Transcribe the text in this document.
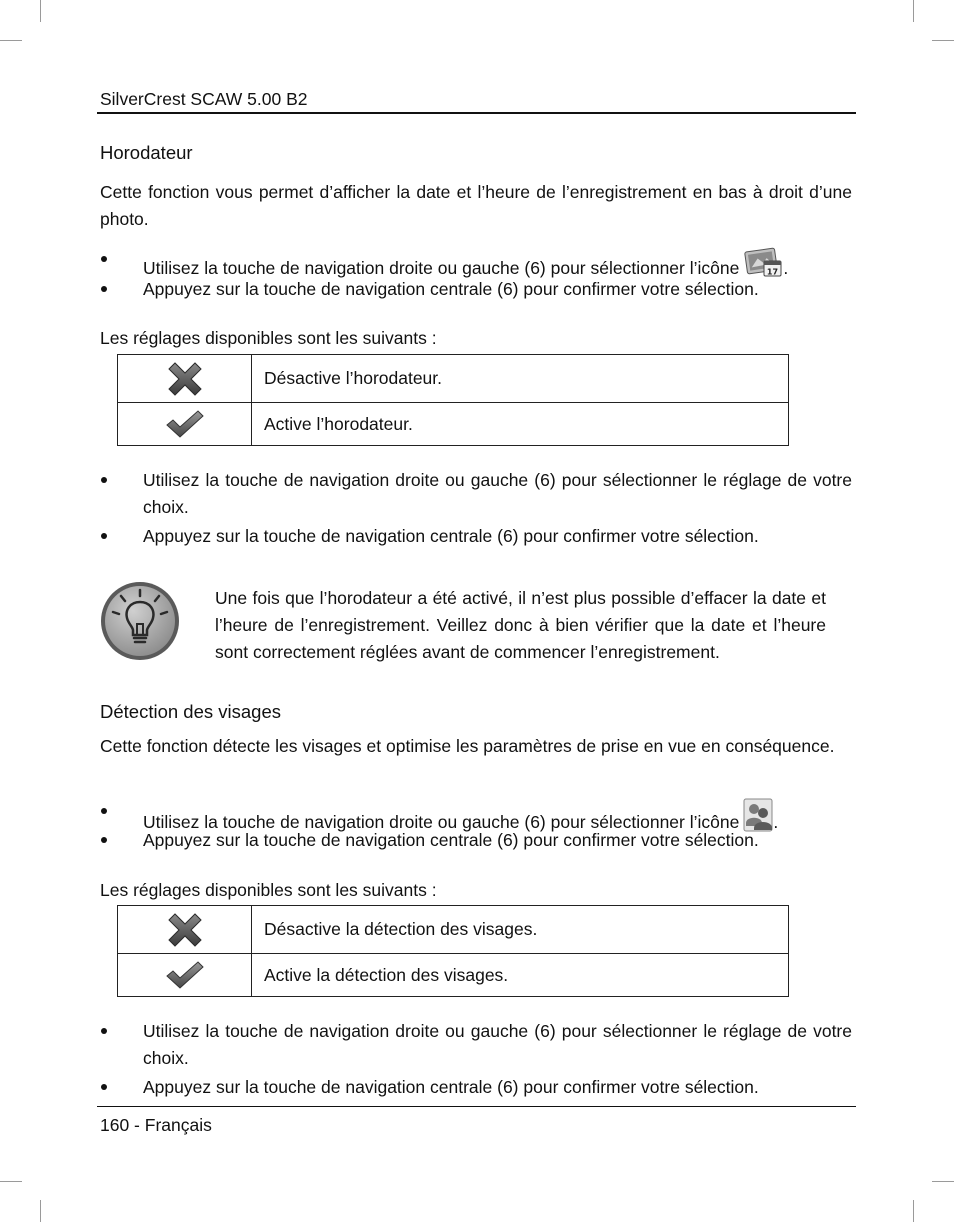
SilverCrest SCAW 5.00 B2
Horodateur
Cette fonction vous permet d’afficher la date et l’heure de l’enregistrement en bas à droit d’une photo.
Utilisez la touche de navigation droite ou gauche (6) pour sélectionner l’icône	17 .
Appuyez sur la touche de navigation centrale (6) pour confirmer votre sélection.
Les réglages disponibles sont les suivants :
	Désactive l’horodateur.

	Active l’horodateur.
Utilisez la touche de navigation droite ou gauche (6) pour sélectionner le réglage de votre choix.
Appuyez sur la touche de navigation centrale (6) pour confirmer votre sélection.
Une fois que l’horodateur a été activé, il n’est plus possible d’effacer la date et l’heure de l’enregistrement. Veillez donc à bien vérifier que la date et l’heure sont correctement réglées avant de commencer l’enregistrement.
Détection des visages
Cette fonction détecte les visages et optimise les paramètres de prise en vue en conséquence.
Utilisez la touche de navigation droite ou gauche (6) pour sélectionner l’icône .
Appuyez sur la touche de navigation centrale (6) pour confirmer votre sélection.
Les réglages disponibles sont les suivants :
	Désactive la détection des visages.

	Active la détection des visages.
Utilisez la touche de navigation droite ou gauche (6) pour sélectionner le réglage de votre choix.
Appuyez sur la touche de navigation centrale (6) pour confirmer votre sélection.
160 - Français
